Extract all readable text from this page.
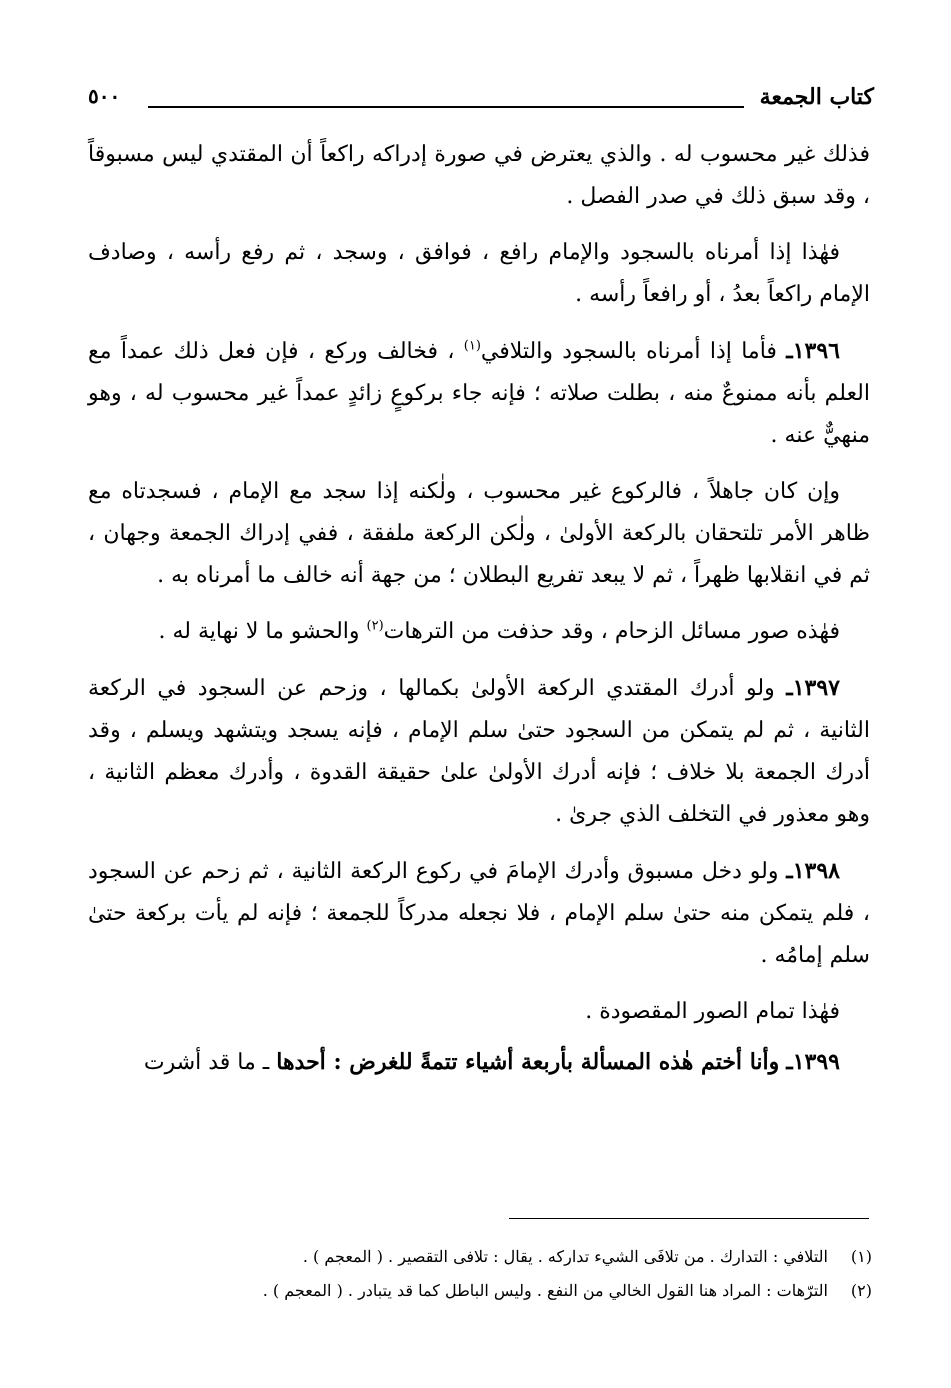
كتاب الجمعة
٥٠٠

فذلك غير محسوب له . والذي يعترض في صورة إدراكه راكعاً أن المقتدي ليس مسبوقاً ، وقد سبق ذلك في صدر الفصل .

فهٰذا إذا أمرناه بالسجود والإمام رافع ، فوافق ، وسجد ، ثم رفع رأسه ، وصادف الإمام راكعاً بعدُ ، أو رافعاً رأسه .

١٣٩٦ـ فأما إذا أمرناه بالسجود والتلافي$^{(١)}$ ، فخالف وركع ، فإن فعل ذلك عمداً مع العلم بأنه ممنوعٌ منه ، بطلت صلاته ؛ فإنه جاء بركوعٍ زائدٍ عمداً غير محسوب له ، وهو منهيٌّ عنه .

وإن كان جاهلاً ، فالركوع غير محسوب ، ولٰكنه إذا سجد مع الإمام ، فسجدتاه مع ظاهر الأمر تلتحقان بالركعة الأولىٰ ، ولٰكن الركعة ملفقة ، ففي إدراك الجمعة وجهان ، ثم في انقلابها ظهراً ، ثم لا يبعد تفريع البطلان ؛ من جهة أنه خالف ما أمرناه به .

فهٰذه صور مسائل الزحام ، وقد حذفت من الترهات$^{(٢)}$ والحشو ما لا نهاية له .

١٣٩٧ـ ولو أدرك المقتدي الركعة الأولىٰ بكمالها ، وزحم عن السجود في الركعة الثانية ، ثم لم يتمكن من السجود حتىٰ سلم الإمام ، فإنه يسجد ويتشهد ويسلم ، وقد أدرك الجمعة بلا خلاف ؛ فإنه أدرك الأولىٰ علىٰ حقيقة القدوة ، وأدرك معظم الثانية ، وهو معذور في التخلف الذي جرىٰ .

١٣٩٨ـ ولو دخل مسبوق وأدرك الإمامَ في ركوع الركعة الثانية ، ثم زحم عن السجود ، فلم يتمكن منه حتىٰ سلم الإمام ، فلا نجعله مدركاً للجمعة ؛ فإنه لم يأت بركعة حتىٰ سلم إمامُه .

فهٰذا تمام الصور المقصودة .

١٣٩٩ـ وأنا أختم هٰذه المسألة بأربعة أشياء تتمةً للغرض : أحدها ـ ما قد أشرت

(١)
التلافي : التدارك . من تلافَى الشيء تداركه . يقال : تلافى التقصير . ( المعجم ) .
(٢)
الترّهات : المراد هنا القول الخالي من النفع . وليس الباطل كما قد يتبادر . ( المعجم ) .
